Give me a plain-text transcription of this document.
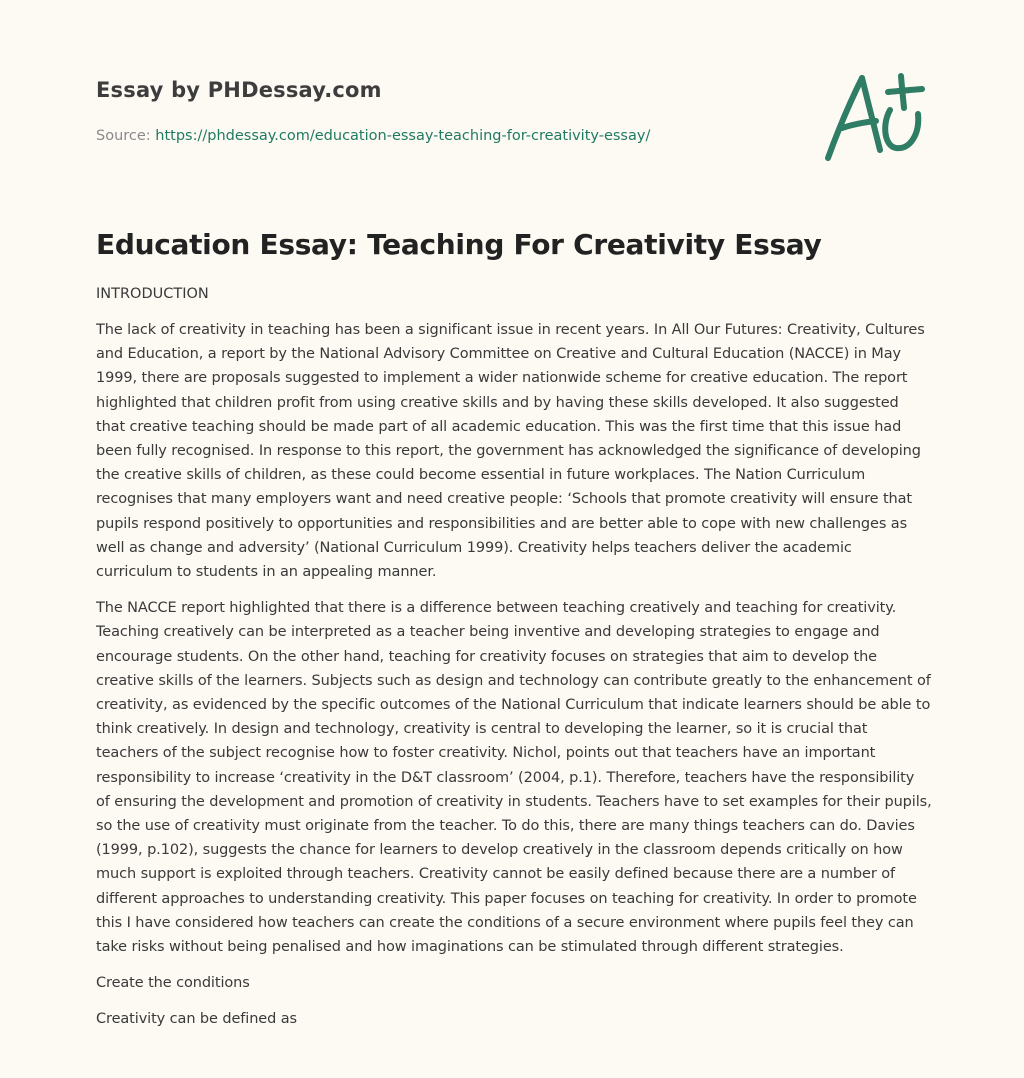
Essay by PHDessay.com
Source: https://phdessay.com/education-essay-teaching-for-creativity-essay/
Education Essay: Teaching For Creativity Essay

INTRODUCTION

The lack of creativity in teaching has been a significant issue in recent years. In All Our Futures: Creativity, Cultures and Education, a report by the National Advisory Committee on Creative and Cultural Education (NACCE) in May 1999, there are proposals suggested to implement a wider nationwide scheme for creative education. The report highlighted that children profit from using creative skills and by having these skills developed. It also suggested that creative teaching should be made part of all academic education. This was the first time that this issue had been fully recognised. In response to this report, the government has acknowledged the significance of developing the creative skills of children, as these could become essential in future workplaces. The Nation Curriculum recognises that many employers want and need creative people: ‘Schools that promote creativity will ensure that pupils respond positively to opportunities and responsibilities and are better able to cope with new challenges as well as change and adversity’ (National Curriculum 1999). Creativity helps teachers deliver the academic curriculum to students in an appealing manner.

The NACCE report highlighted that there is a difference between teaching creatively and teaching for creativity. Teaching creatively can be interpreted as a teacher being inventive and developing strategies to engage and encourage students. On the other hand, teaching for creativity focuses on strategies that aim to develop the creative skills of the learners. Subjects such as design and technology can contribute greatly to the enhancement of creativity, as evidenced by the specific outcomes of the National Curriculum that indicate learners should be able to think creatively. In design and technology, creativity is central to developing the learner, so it is crucial that teachers of the subject recognise how to foster creativity. Nichol, points out that teachers have an important responsibility to increase ‘creativity in the D&T classroom’ (2004, p.1). Therefore, teachers have the responsibility of ensuring the development and promotion of creativity in students. Teachers have to set examples for their pupils, so the use of creativity must originate from the teacher. To do this, there are many things teachers can do. Davies (1999, p.102), suggests the chance for learners to develop creatively in the classroom depends critically on how much support is exploited through teachers. Creativity cannot be easily defined because there are a number of different approaches to understanding creativity. This paper focuses on teaching for creativity. In order to promote this I have considered how teachers can create the conditions of a secure environment where pupils feel they can take risks without being penalised and how imaginations can be stimulated through different strategies.

Create the conditions

Creativity can be defined as
